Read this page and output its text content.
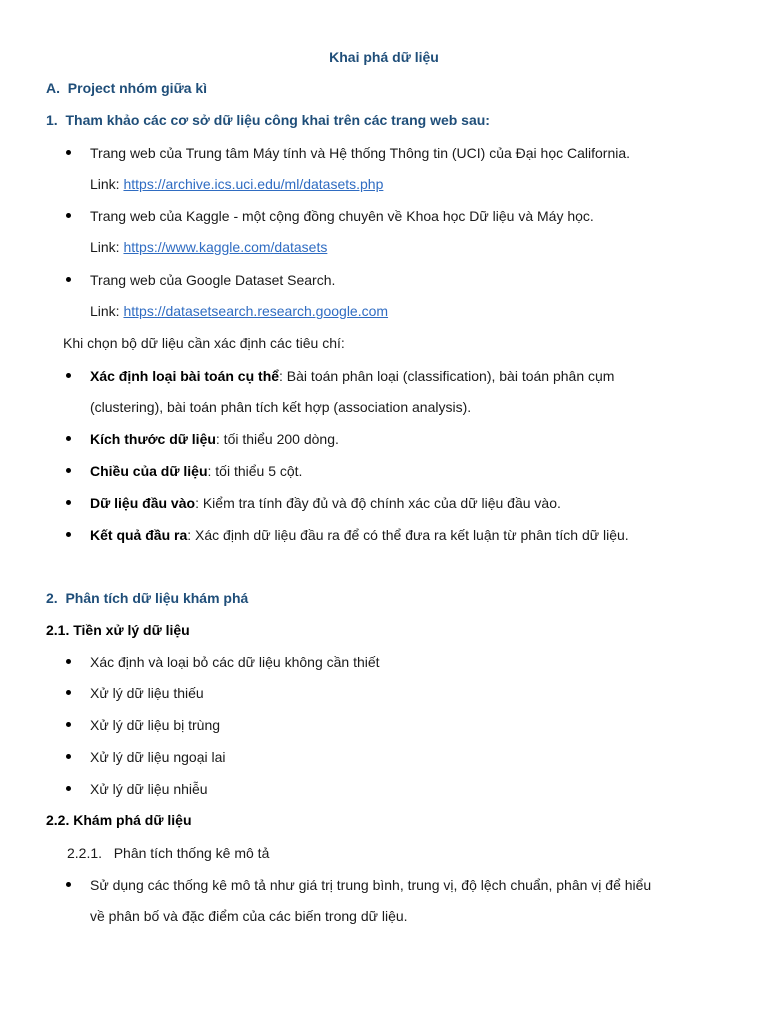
Khai phá dữ liệu
A. Project nhóm giữa kì
1. Tham khảo các cơ sở dữ liệu công khai trên các trang web sau:
Trang web của Trung tâm Máy tính và Hệ thống Thông tin (UCI) của Đại học California.
Link: https://archive.ics.uci.edu/ml/datasets.php
Trang web của Kaggle - một cộng đồng chuyên về Khoa học Dữ liệu và Máy học.
Link: https://www.kaggle.com/datasets
Trang web của Google Dataset Search.
Link: https://datasetsearch.research.google.com
Khi chọn bộ dữ liệu cần xác định các tiêu chí:
Xác định loại bài toán cụ thể: Bài toán phân loại (classification), bài toán phân cụm
(clustering), bài toán phân tích kết hợp (association analysis).
Kích thước dữ liệu: tối thiểu 200 dòng.
Chiều của dữ liệu: tối thiểu 5 cột.
Dữ liệu đầu vào: Kiểm tra tính đầy đủ và độ chính xác của dữ liệu đầu vào.
Kết quả đầu ra: Xác định dữ liệu đầu ra để có thể đưa ra kết luận từ phân tích dữ liệu.
2. Phân tích dữ liệu khám phá
2.1. Tiền xử lý dữ liệu
Xác định và loại bỏ các dữ liệu không cần thiết
Xử lý dữ liệu thiếu
Xử lý dữ liệu bị trùng
Xử lý dữ liệu ngoại lai
Xử lý dữ liệu nhiễu
2.2. Khám phá dữ liệu
2.2.1. Phân tích thống kê mô tả
Sử dụng các thống kê mô tả như giá trị trung bình, trung vị, độ lệch chuẩn, phân vị để hiểu
về phân bố và đặc điểm của các biến trong dữ liệu.
